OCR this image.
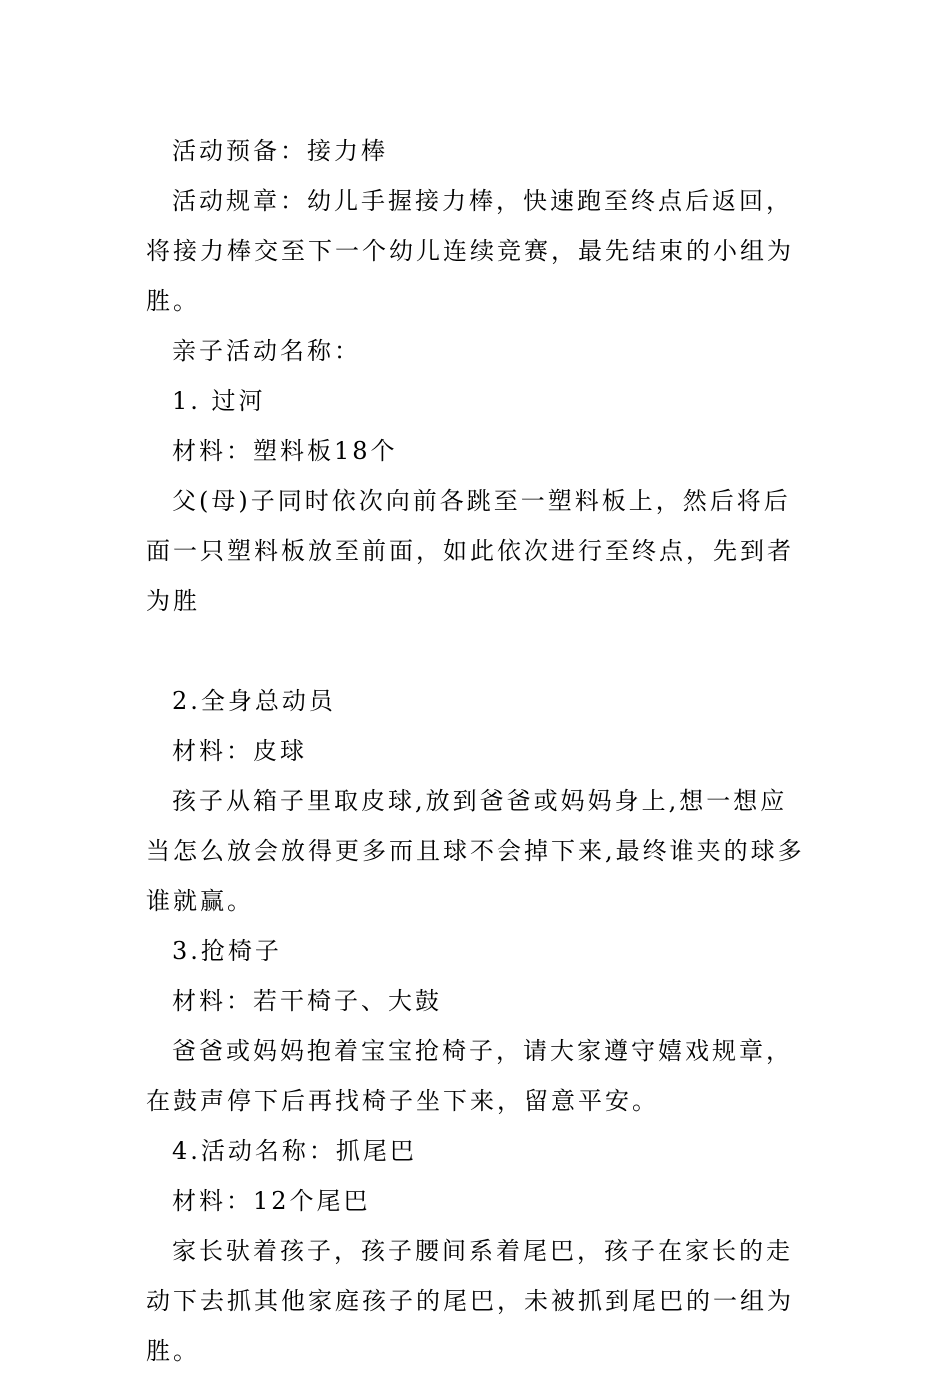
活动预备：接力棒

活动规章：幼儿手握接力棒，快速跑至终点后返回，将接力棒交至下一个幼儿连续竞赛，最先结束的小组为胜。

亲子活动名称：

1. 过河

材料：塑料板18个

父(母)子同时依次向前各跳至一塑料板上，然后将后面一只塑料板放至前面，如此依次进行至终点，先到者为胜

2.全身总动员

材料：皮球

孩子从箱子里取皮球,放到爸爸或妈妈身上,想一想应当怎么放会放得更多而且球不会掉下来,最终谁夹的球多谁就赢。

3.抢椅子

材料：若干椅子、大鼓

爸爸或妈妈抱着宝宝抢椅子，请大家遵守嬉戏规章，在鼓声停下后再找椅子坐下来，留意平安。

4.活动名称：抓尾巴

材料：12个尾巴

家长驮着孩子，孩子腰间系着尾巴，孩子在家长的走动下去抓其他家庭孩子的尾巴，未被抓到尾巴的一组为胜。
